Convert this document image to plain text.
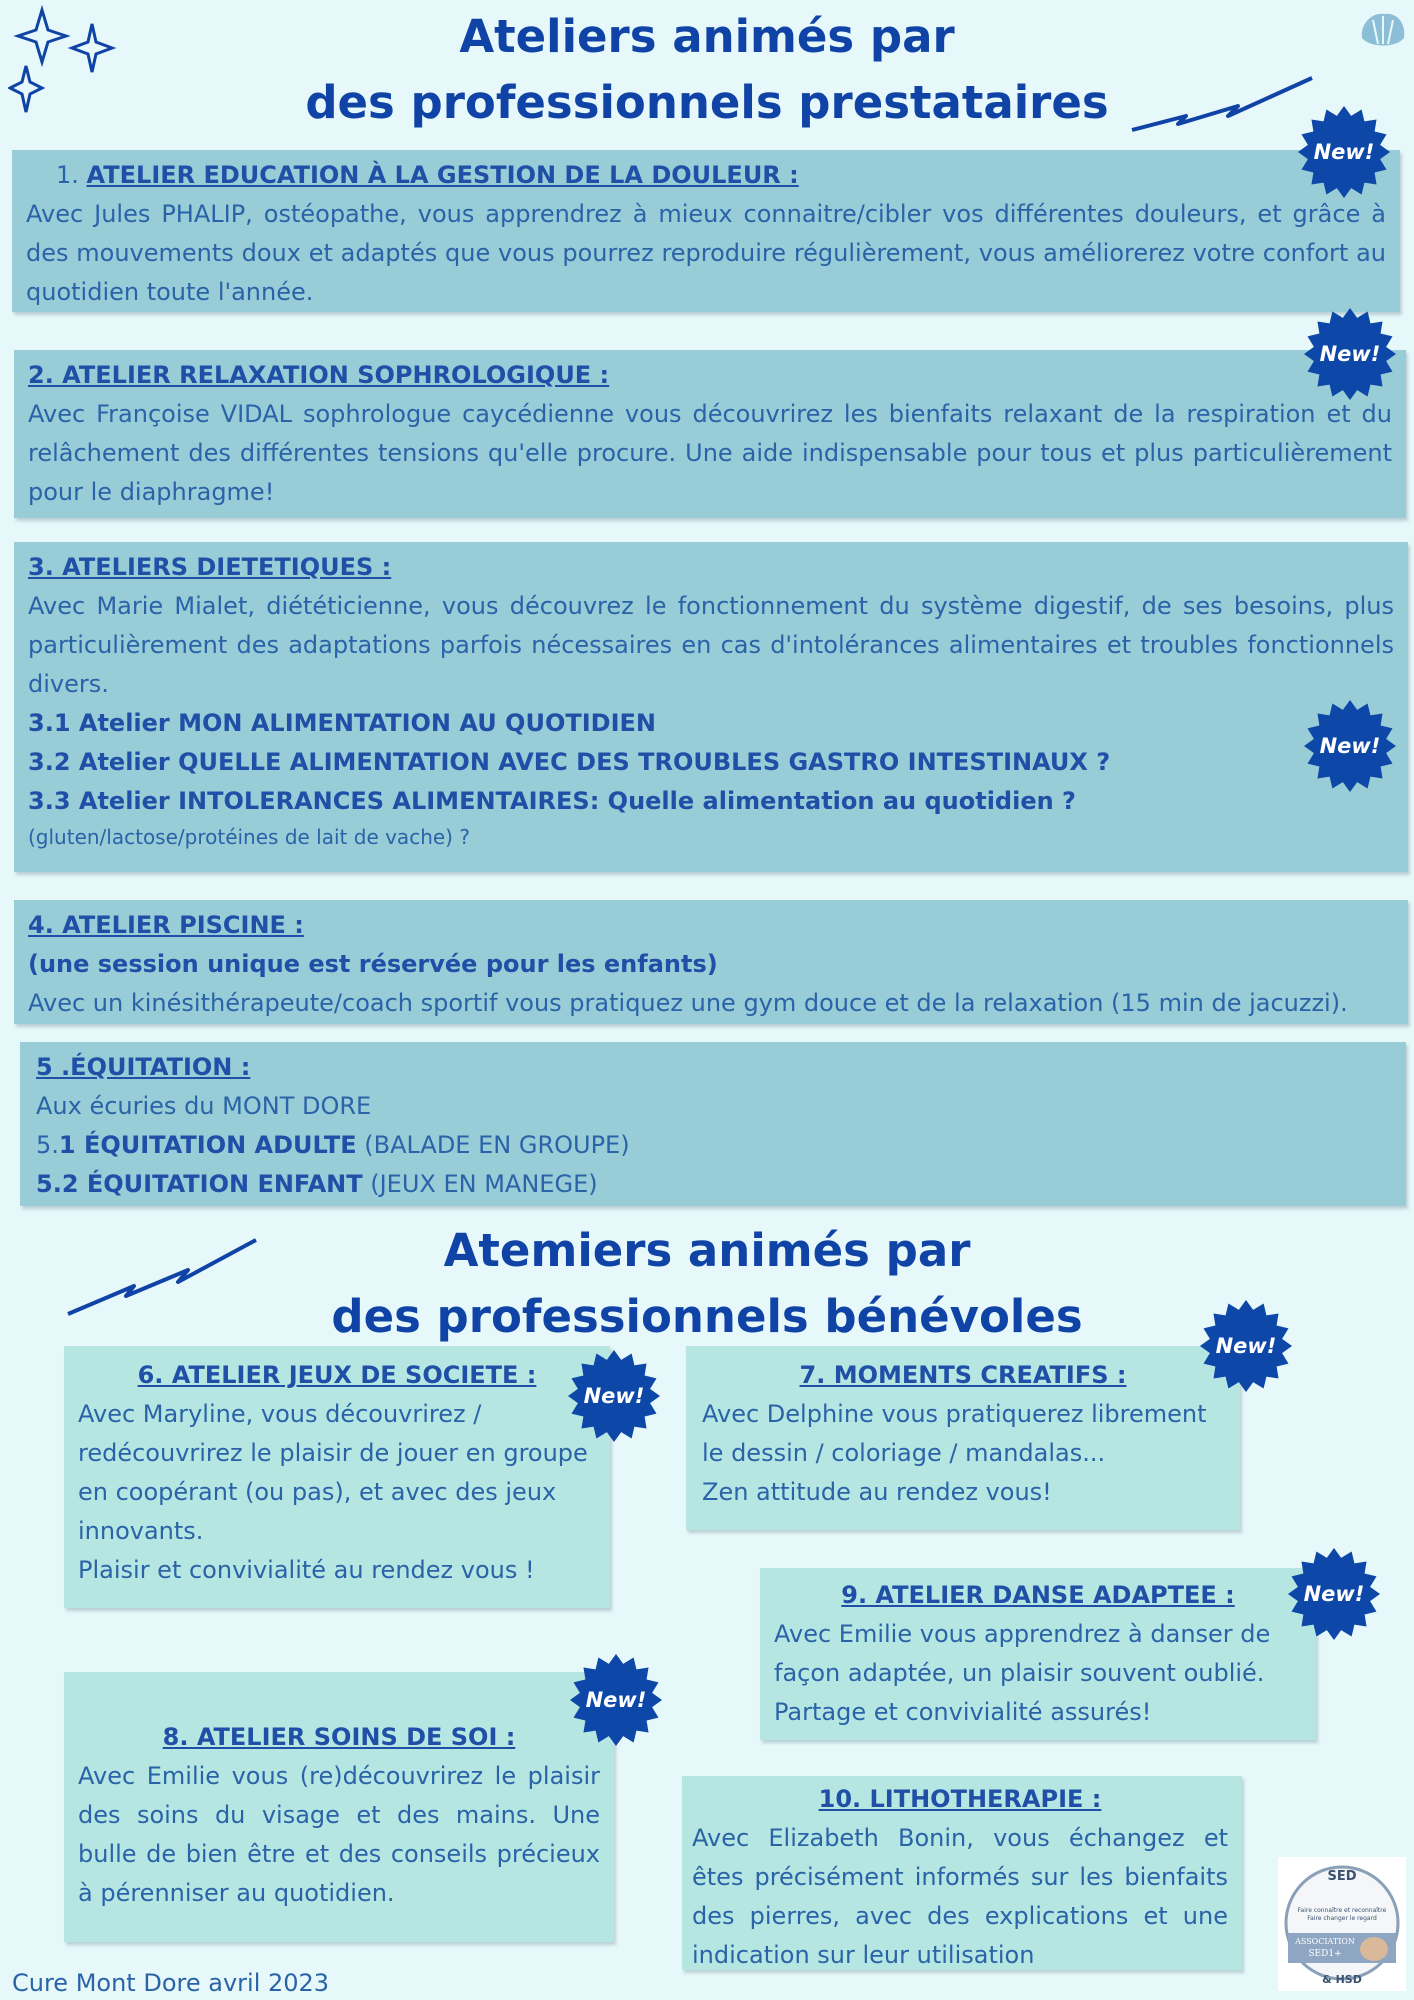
Ateliers animés par
des professionnels prestataires

1. ATELIER EDUCATION À LA GESTION DE LA DOULEUR :

Avec Jules PHALIP, ostéopathe, vous apprendrez à mieux connaitre/cibler vos différentes douleurs, et grâce à des mouvements doux et adaptés que vous pourrez reproduire régulièrement, vous améliorerez votre confort au quotidien toute l'année.

2. ATELIER RELAXATION SOPHROLOGIQUE :

Avec Françoise VIDAL sophrologue caycédienne vous découvrirez les bienfaits relaxant de la respiration et du relâchement des différentes tensions qu'elle procure. Une aide indispensable pour tous et plus particulièrement pour le diaphragme!

3. ATELIERS DIETETIQUES :

Avec Marie Mialet, diététicienne, vous découvrez le fonctionnement du système digestif, de ses besoins, plus particulièrement des adaptations parfois nécessaires en cas d'intolérances alimentaires et troubles fonctionnels divers.

3.1 Atelier MON ALIMENTATION AU QUOTIDIEN

3.2 Atelier QUELLE ALIMENTATION AVEC DES TROUBLES GASTRO INTESTINAUX ?

3.3 Atelier INTOLERANCES ALIMENTAIRES: Quelle alimentation au quotidien ?

(gluten/lactose/protéines de lait de vache) ?

4. ATELIER PISCINE :

(une session unique est réservée pour les enfants)

Avec un kinésithérapeute/coach sportif vous pratiquez une gym douce et de la relaxation (15 min de jacuzzi).

5 .ÉQUITATION :

Aux écuries du MONT DORE

5.1 ÉQUITATION ADULTE (BALADE EN GROUPE)

5.2 ÉQUITATION ENFANT (JEUX EN MANEGE)

Atemiers animés par
des professionnels bénévoles

6. ATELIER JEUX DE SOCIETE :

Avec Maryline, vous découvrirez / redécouvrirez le plaisir de jouer en groupe en coopérant (ou pas), et avec des jeux innovants.

Plaisir et convivialité au rendez vous !

7. MOMENTS CREATIFS :

Avec Delphine vous pratiquerez librement le dessin / coloriage / mandalas...

Zen attitude au rendez vous!

9. ATELIER DANSE ADAPTEE :

Avec Emilie vous apprendrez à danser de façon adaptée, un plaisir souvent oublié.

Partage et convivialité assurés!

8. ATELIER SOINS DE SOI :

Avec Emilie vous (re)découvrirez le plaisir des soins du visage et des mains. Une bulle de bien être et des conseils précieux à pérenniser au quotidien.

10. LITHOTHERAPIE :

Avec Elizabeth Bonin, vous échangez et êtes précisément informés sur les bienfaits des pierres, avec des explications et une indication sur leur utilisation

New!
New!
New!
New!
New!
New!
New!
Cure Mont Dore avril 2023
SED
Faire connaître et reconnaître
Faire changer le regard
ASSOCIATION
SED1+
& HSD
